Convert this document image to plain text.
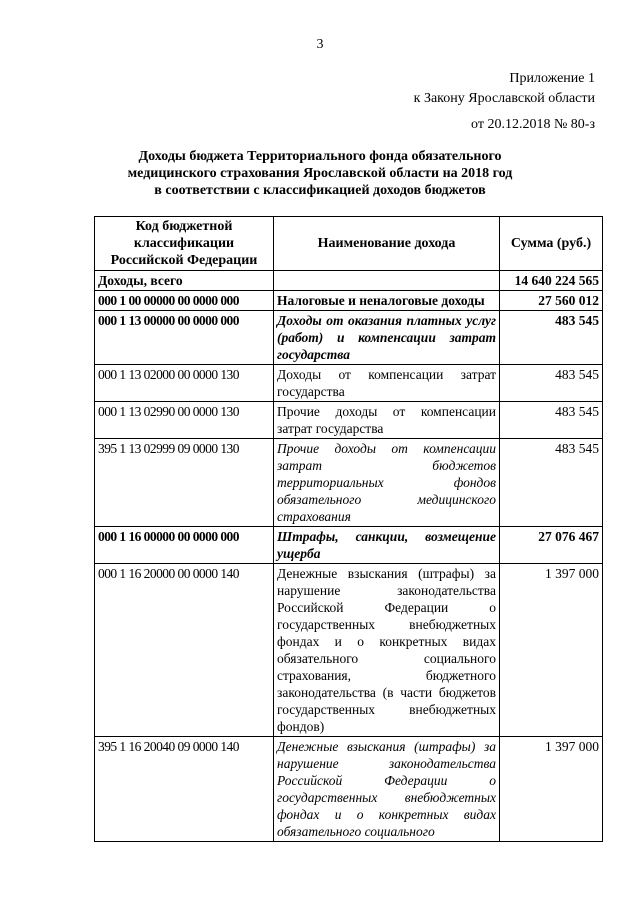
3
Приложение 1
к Закону Ярославской области
от 20.12.2018 № 80-з
Доходы бюджета Территориального фонда обязательного
медицинского страхования Ярославской области на 2018 год
в соответствии с классификацией доходов бюджетов
Код бюджетной классификации Российской Федерации	Наименование дохода	Сумма (руб.)
Доходы, всего		14 640 224 565
000 1 00 00000 00 0000 000	Налоговые и неналоговые доходы	27 560 012
000 1 13 00000 00 0000 000	Доходы от оказания платных услуг (работ) и компенсации затрат государства	483 545
000 1 13 02000 00 0000 130	Доходы от компенсации затрат государства	483 545
000 1 13 02990 00 0000 130	Прочие доходы от компенсации затрат государства	483 545
395 1 13 02999 09 0000 130	Прочие доходы от компенсации затрат бюджетов территориальных фондов обязательного медицинского страхования	483 545
000 1 16 00000 00 0000 000	Штрафы, санкции, возмещение ущерба	27 076 467
000 1 16 20000 00 0000 140	Денежные взыскания (штрафы) за нарушение законодательства Российской Федерации о государственных внебюджетных фондах и о конкретных видах обязательного социального страхования, бюджетного законодательства (в части бюджетов государственных внебюджетных фондов)	1 397 000
395 1 16 20040 09 0000 140	Денежные взыскания (штрафы) за нарушение законодательства Российской Федерации о государственных внебюджетных фондах и о конкретных видах обязательного социального	1 397 000
